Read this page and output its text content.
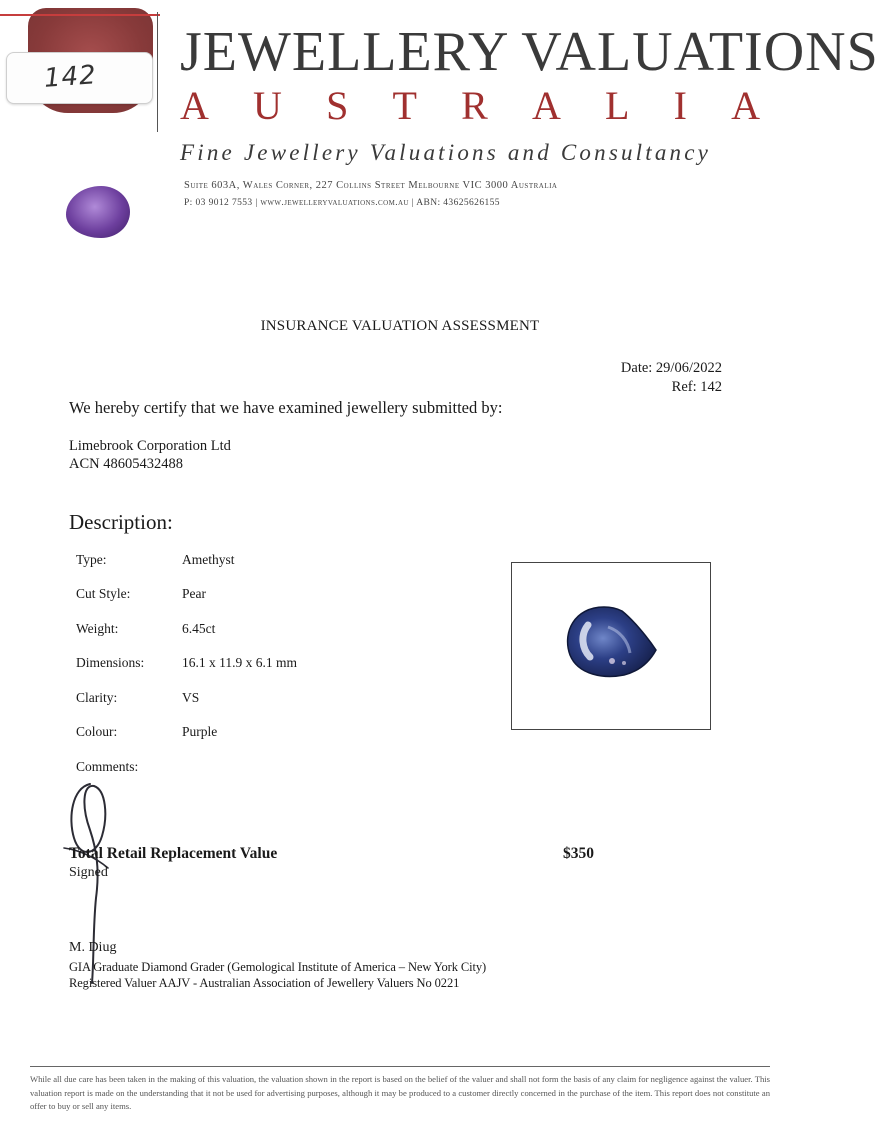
142 JEWELLERY VALUATIONS
A U S T R A L I A
Fine Jewellery Valuations and Consultancy
Suite 603A, Wales Corner, 227 Collins Street Melbourne VIC 3000 Australia
P: 03 9012 7553 | www.jewelleryvaluations.com.au | ABN: 43625626155
INSURANCE VALUATION ASSESSMENT
Date: 29/06/2022
Ref: 142
We hereby certify that we have examined jewellery submitted by:
Limebrook Corporation Ltd
ACN 48605432488
Description:
Type:	Amethyst
Cut Style:	Pear
Weight:	6.45ct
Dimensions:	16.1 x 11.9 x 6.1 mm
Clarity:	VS
Colour:	Purple
Comments:
Total Retail Replacement Value	$350
Signed
M. Diug
GIA Graduate Diamond Grader (Gemological Institute of America – New York City)
Registered Valuer AAJV - Australian Association of Jewellery Valuers No 0221
While all due care has been taken in the making of this valuation, the valuation shown in the report is based on the belief of the valuer and shall not form the basis of any claim for negligence against the valuer. This valuation report is made on the understanding that it not be used for advertising purposes, although it may be produced to a customer directly concerned in the purchase of the item. This report does not constitute an offer to buy or sell any items.
